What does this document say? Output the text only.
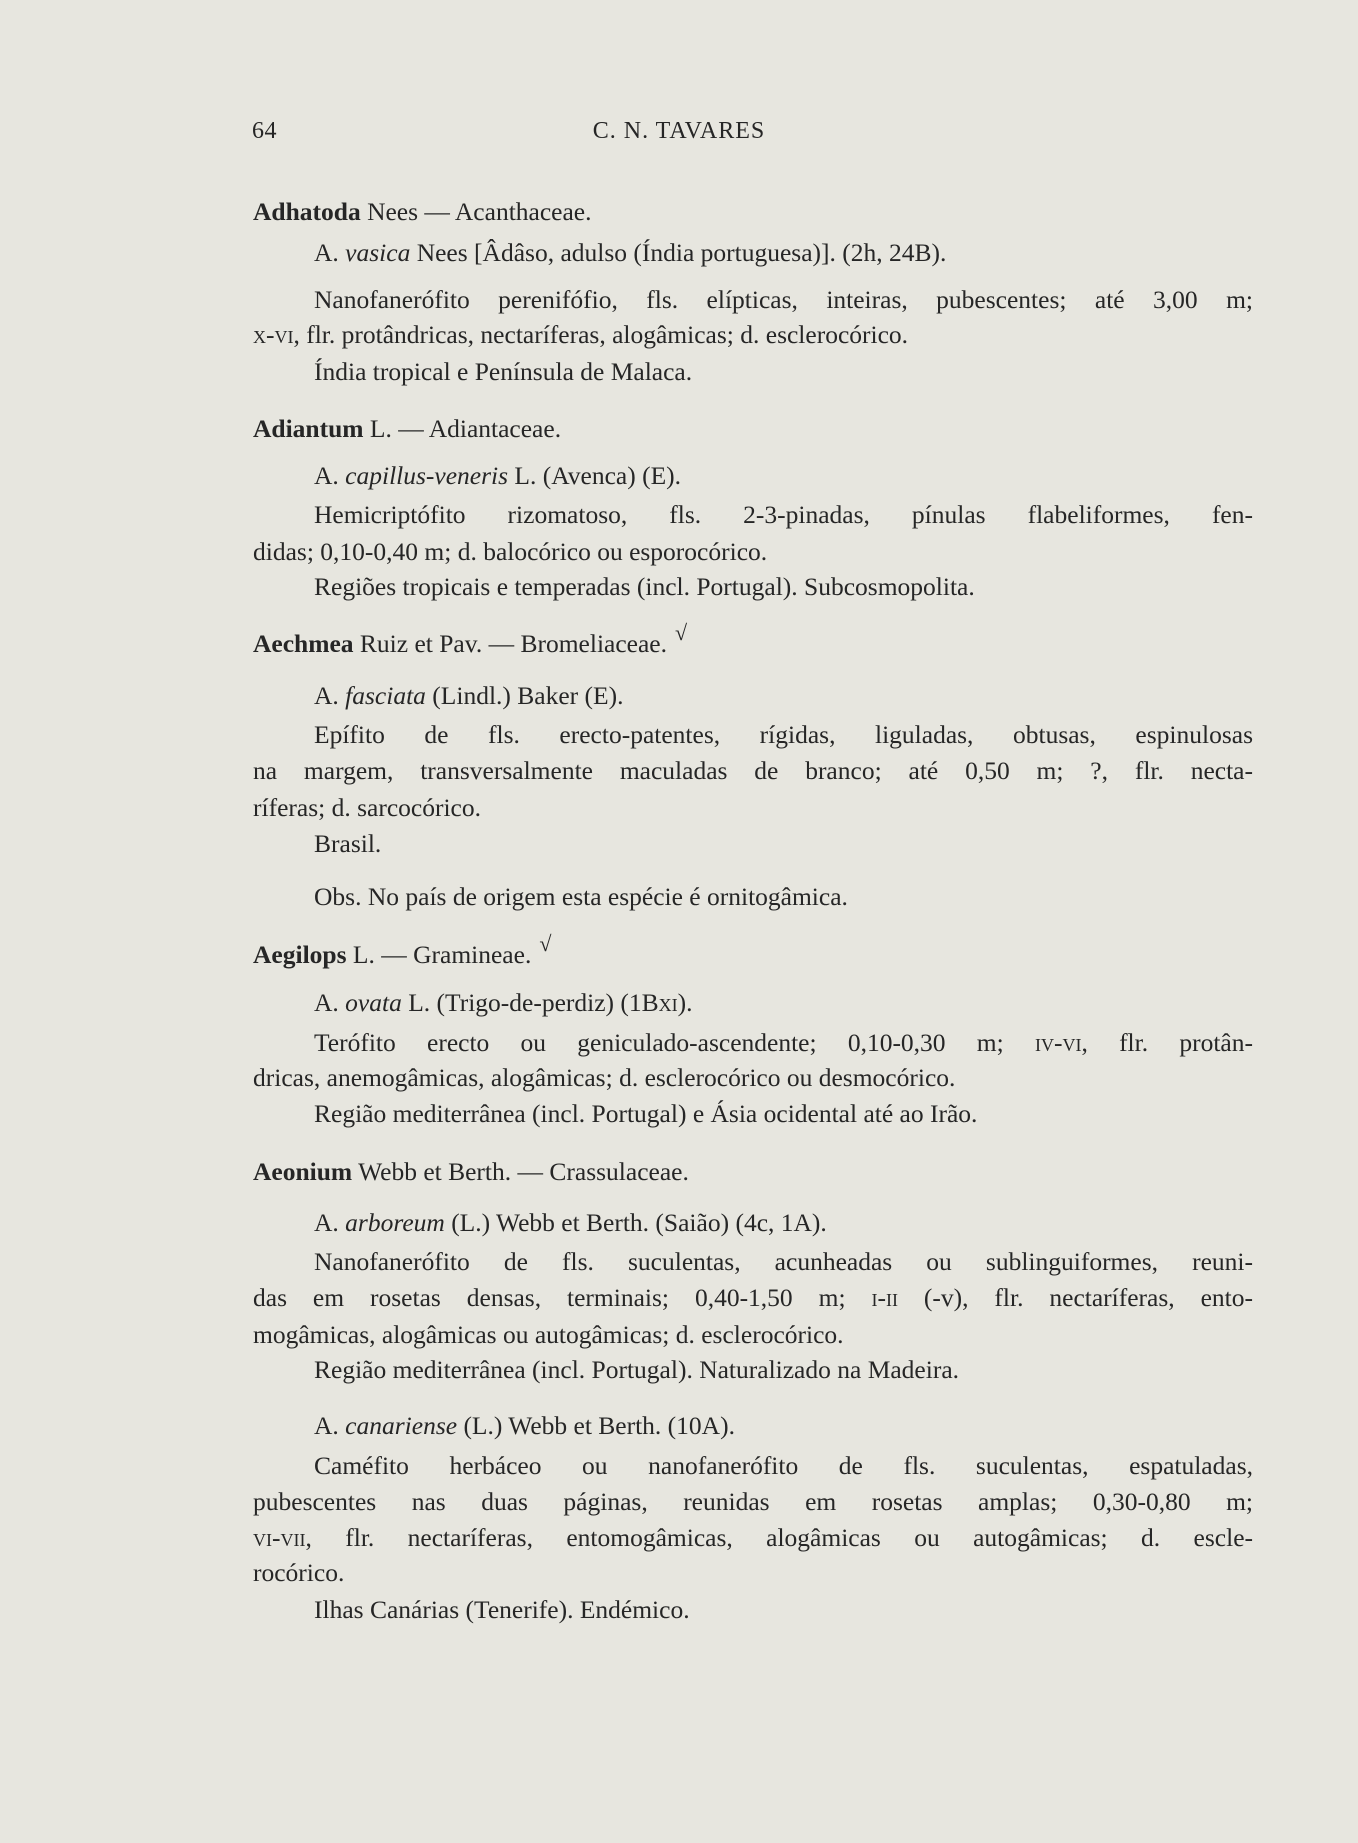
64	C. N. TAVARES
Adhatoda Nees — Acanthaceae.
A. vasica Nees [Âdâso, adulso (Índia portuguesa)]. (2h, 24B).
Nanofanerófito perenifófio, fls. elípticas, inteiras, pubescentes; até 3,00 m;
x-vi, flr. protândricas, nectaríferas, alogâmicas; d. esclerocórico.
Índia tropical e Península de Malaca.
Adiantum L. — Adiantaceae.
A. capillus-veneris L. (Avenca) (E).
Hemicriptófito rizomatoso, fls. 2-3-pinadas, pínulas flabeliformes, fen-
didas; 0,10-0,40 m; d. balocórico ou esporocórico.
Regiões tropicais e temperadas (incl. Portugal). Subcosmopolita.
Aechmea Ruiz et Pav. — Bromeliaceae. √
A. fasciata (Lindl.) Baker (E).
Epífito de fls. erecto-patentes, rígidas, liguladas, obtusas, espinulosas
na margem, transversalmente maculadas de branco; até 0,50 m; ?, flr. necta-
ríferas; d. sarcocórico.
Brasil.
Obs. No país de origem esta espécie é ornitogâmica.
Aegilops L. — Gramineae. √
A. ovata L. (Trigo-de-perdiz) (1Bxi).
Terófito erecto ou geniculado-ascendente; 0,10-0,30 m; iv-vi, flr. protân-
dricas, anemogâmicas, alogâmicas; d. esclerocórico ou desmocórico.
Região mediterrânea (incl. Portugal) e Ásia ocidental até ao Irão.
Aeonium Webb et Berth. — Crassulaceae.
A. arboreum (L.) Webb et Berth. (Saião) (4c, 1A).
Nanofanerófito de fls. suculentas, acunheadas ou sublinguiformes, reuni-
das em rosetas densas, terminais; 0,40-1,50 m; i-ii (-v), flr. nectaríferas, ento-
mogâmicas, alogâmicas ou autogâmicas; d. esclerocórico.
Região mediterrânea (incl. Portugal). Naturalizado na Madeira.
A. canariense (L.) Webb et Berth. (10A).
Caméfito herbáceo ou nanofanerófito de fls. suculentas, espatuladas,
pubescentes nas duas páginas, reunidas em rosetas amplas; 0,30-0,80 m;
vi-vii, flr. nectaríferas, entomogâmicas, alogâmicas ou autogâmicas; d. escle-
rocórico.
Ilhas Canárias (Tenerife). Endémico.
